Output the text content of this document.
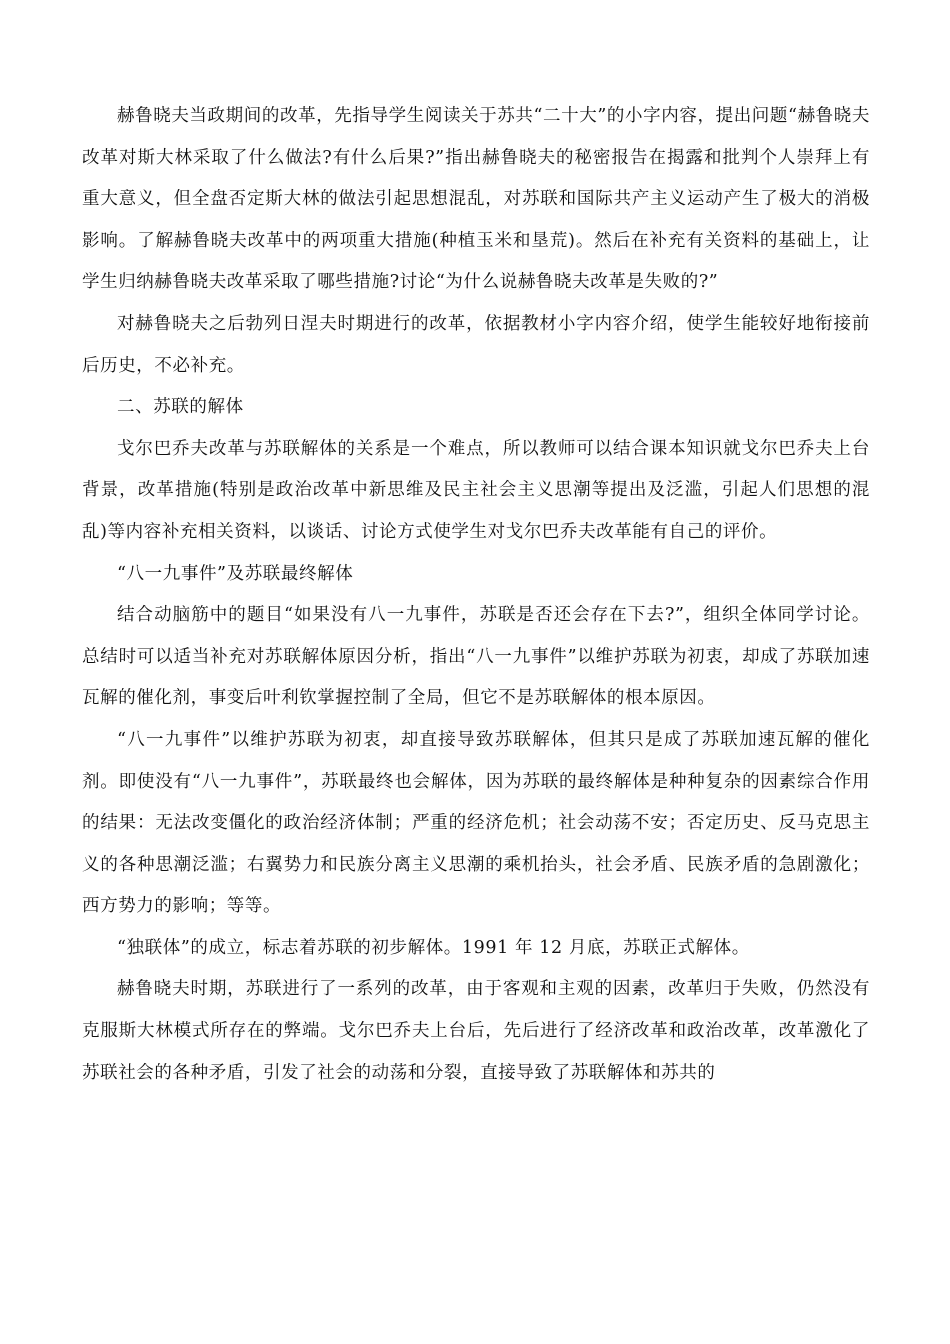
赫鲁晓夫当政期间的改革，先指导学生阅读关于苏共“二十大”的小字内容，提出问题“赫鲁晓夫改革对斯大林采取了什么做法?有什么后果?”指出赫鲁晓夫的秘密报告在揭露和批判个人崇拜上有重大意义，但全盘否定斯大林的做法引起思想混乱，对苏联和国际共产主义运动产生了极大的消极影响。了解赫鲁晓夫改革中的两项重大措施(种植玉米和垦荒)。然后在补充有关资料的基础上，让学生归纳赫鲁晓夫改革采取了哪些措施?讨论“为什么说赫鲁晓夫改革是失败的?”

对赫鲁晓夫之后勃列日涅夫时期进行的改革，依据教材小字内容介绍，使学生能较好地衔接前后历史，不必补充。

二、苏联的解体

戈尔巴乔夫改革与苏联解体的关系是一个难点，所以教师可以结合课本知识就戈尔巴乔夫上台背景，改革措施(特别是政治改革中新思维及民主社会主义思潮等提出及泛滥，引起人们思想的混乱)等内容补充相关资料，以谈话、讨论方式使学生对戈尔巴乔夫改革能有自己的评价。

“八一九事件”及苏联最终解体

结合动脑筋中的题目“如果没有八一九事件，苏联是否还会存在下去?”，组织全体同学讨论。总结时可以适当补充对苏联解体原因分析，指出“八一九事件”以维护苏联为初衷，却成了苏联加速瓦解的催化剂，事变后叶利钦掌握控制了全局，但它不是苏联解体的根本原因。

“八一九事件”以维护苏联为初衷，却直接导致苏联解体，但其只是成了苏联加速瓦解的催化剂。即使没有“八一九事件”，苏联最终也会解体，因为苏联的最终解体是种种复杂的因素综合作用的结果：无法改变僵化的政治经济体制；严重的经济危机；社会动荡不安；否定历史、反马克思主义的各种思潮泛滥；右翼势力和民族分离主义思潮的乘机抬头，社会矛盾、民族矛盾的急剧激化；西方势力的影响；等等。

“独联体”的成立，标志着苏联的初步解体。1991 年 12 月底，苏联正式解体。

赫鲁晓夫时期，苏联进行了一系列的改革，由于客观和主观的因素，改革归于失败，仍然没有克服斯大林模式所存在的弊端。戈尔巴乔夫上台后，先后进行了经济改革和政治改革，改革激化了苏联社会的各种矛盾，引发了社会的动荡和分裂，直接导致了苏联解体和苏共的
